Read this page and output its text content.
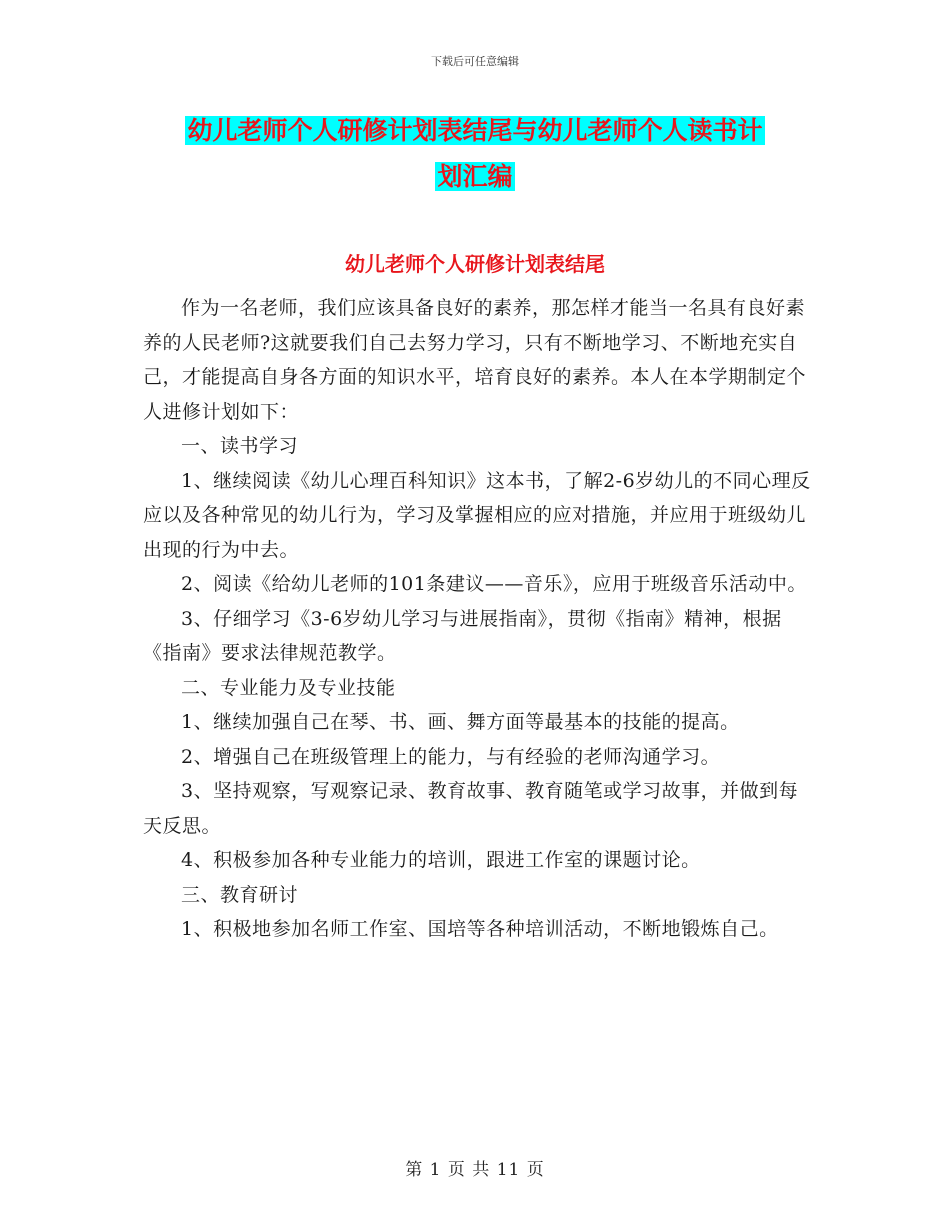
下载后可任意编辑
幼儿老师个人研修计划表结尾与幼儿老师个人读书计
划汇编
幼儿老师个人研修计划表结尾

作为一名老师，我们应该具备良好的素养，那怎样才能当一名具有良好素养的人民老师?这就要我们自己去努力学习，只有不断地学习、不断地充实自己，才能提高自身各方面的知识水平，培育良好的素养。本人在本学期制定个人进修计划如下：

一、读书学习

1、继续阅读《幼儿心理百科知识》这本书，了解2-6岁幼儿的不同心理反应以及各种常见的幼儿行为，学习及掌握相应的应对措施，并应用于班级幼儿出现的行为中去。

2、阅读《给幼儿老师的101条建议——音乐》，应用于班级音乐活动中。

3、仔细学习《3-6岁幼儿学习与进展指南》，贯彻《指南》精神，根据《指南》要求法律规范教学。

二、专业能力及专业技能

1、继续加强自己在琴、书、画、舞方面等最基本的技能的提高。

2、增强自己在班级管理上的能力，与有经验的老师沟通学习。

3、坚持观察，写观察记录、教育故事、教育随笔或学习故事，并做到每天反思。

4、积极参加各种专业能力的培训，跟进工作室的课题讨论。

三、教育研讨

1、积极地参加名师工作室、国培等各种培训活动，不断地锻炼自己。

第 1 页 共 11 页
